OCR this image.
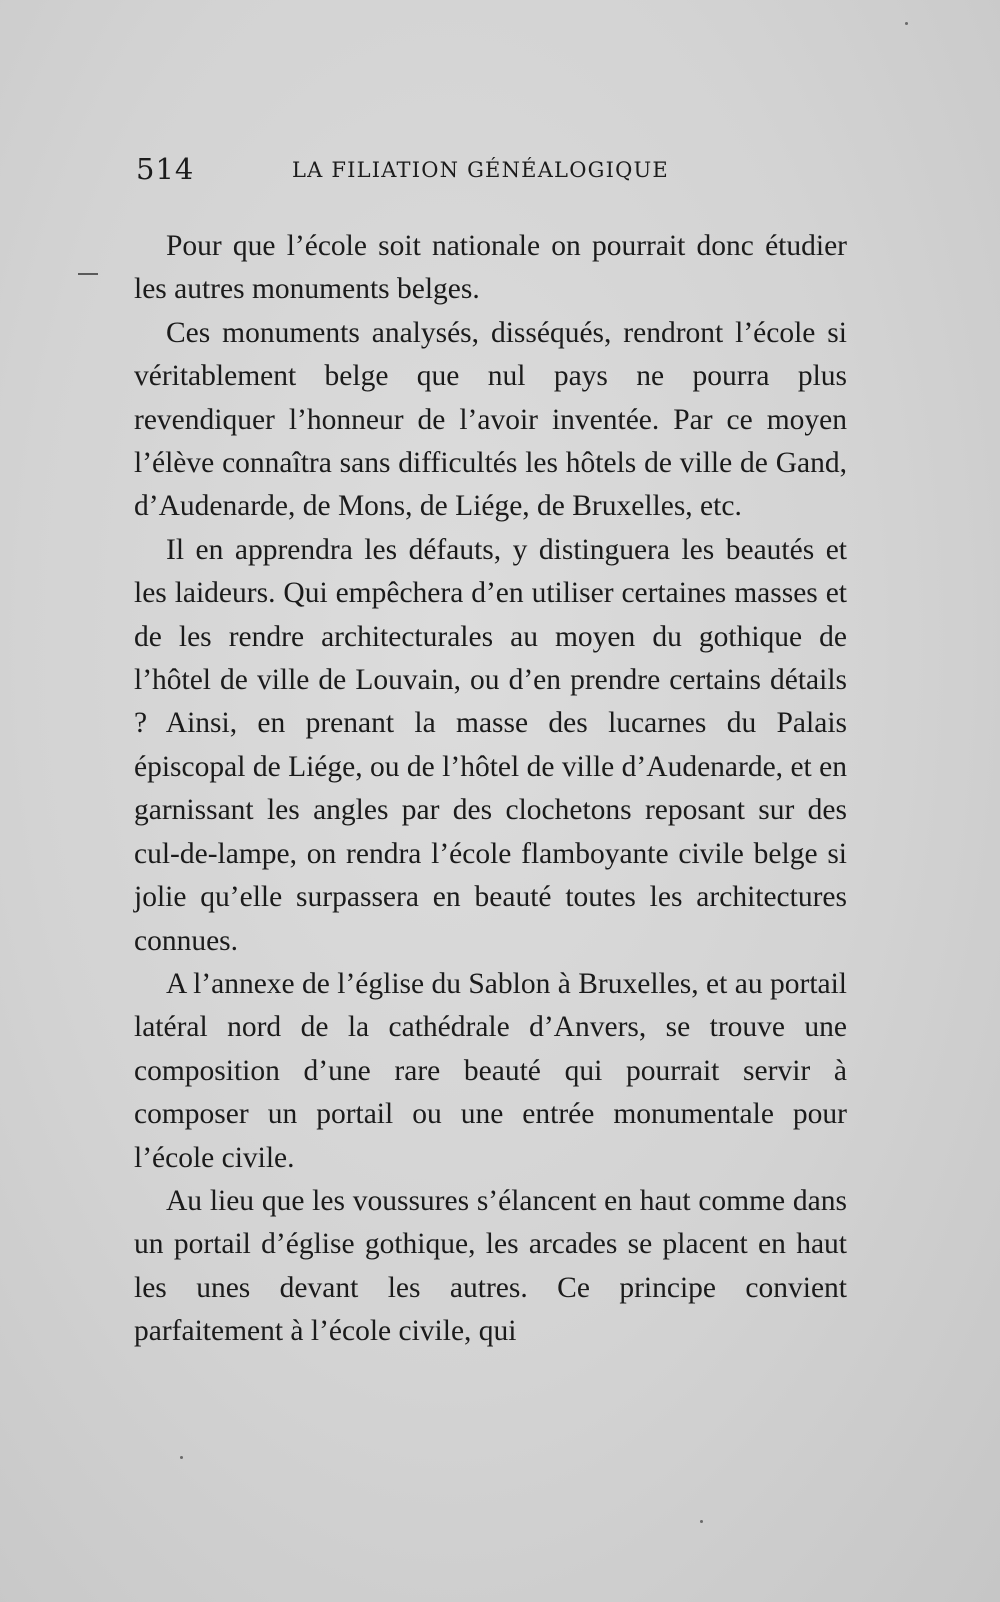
514	LA FILIATION GÉNÉALOGIQUE

Pour que l’école soit nationale on pourrait donc étudier les autres monuments belges.

Ces monuments analysés, disséqués, rendront l’école si véritablement belge que nul pays ne pourra plus revendiquer l’honneur de l’avoir inventée. Par ce moyen l’élève connaîtra sans difficultés les hôtels de ville de Gand, d’Audenarde, de Mons, de Liége, de Bruxelles, etc.

Il en apprendra les défauts, y distinguera les beautés et les laideurs. Qui empêchera d’en utiliser certaines masses et de les rendre architecturales au moyen du gothique de l’hôtel de ville de Louvain, ou d’en prendre certains détails ? Ainsi, en prenant la masse des lucarnes du Palais épiscopal de Liége, ou de l’hôtel de ville d’Audenarde, et en garnissant les angles par des clochetons reposant sur des cul-de-lampe, on rendra l’école flamboyante civile belge si jolie qu’elle surpassera en beauté toutes les architectures connues.

A l’annexe de l’église du Sablon à Bruxelles, et au portail latéral nord de la cathédrale d’Anvers, se trouve une composition d’une rare beauté qui pourrait servir à composer un portail ou une entrée monumentale pour l’école civile.

Au lieu que les voussures s’élancent en haut comme dans un portail d’église gothique, les arcades se placent en haut les unes devant les autres. Ce principe convient parfaitement à l’école civile, qui
